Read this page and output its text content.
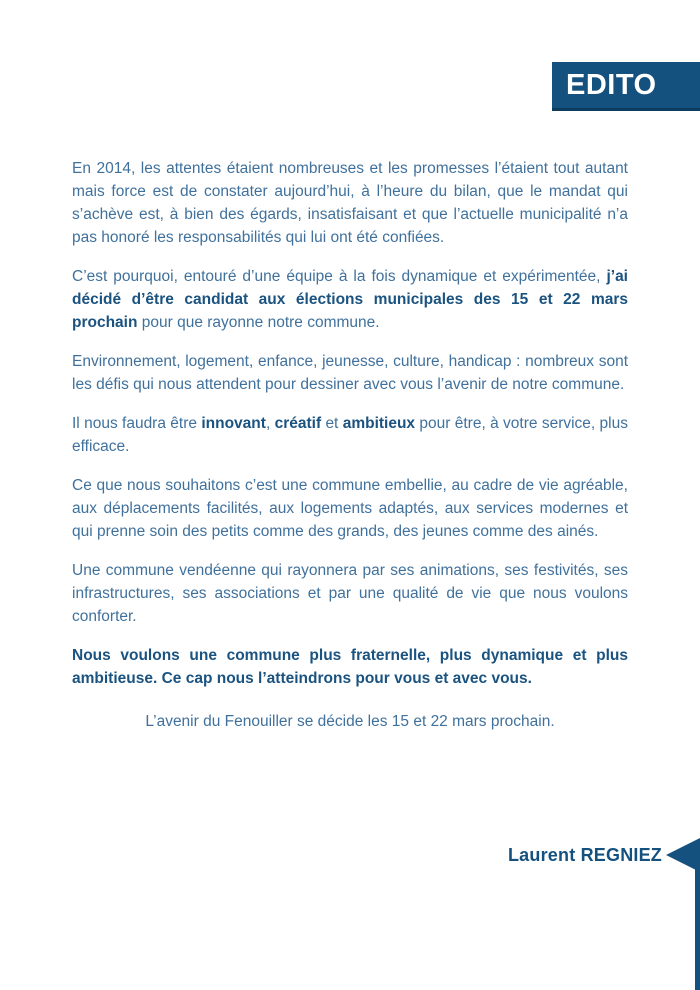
EDITO

En 2014, les attentes étaient nombreuses et les promesses l’étaient tout autant mais force est de constater aujourd’hui, à l’heure du bilan, que le mandat qui s’achève est, à bien des égards, insatisfaisant et que l’actuelle municipalité n’a pas honoré les responsabilités qui lui ont été confiées.

C’est pourquoi, entouré d’une équipe à la fois dynamique et expérimentée, j’ai décidé d’être candidat aux élections municipales des 15 et 22 mars prochain pour que rayonne notre commune.

Environnement, logement, enfance, jeunesse, culture, handicap : nombreux sont les défis qui nous attendent pour dessiner avec vous l’avenir de notre commune.

Il nous faudra être innovant, créatif et ambitieux pour être, à votre service, plus efficace.

Ce que nous souhaitons c’est une commune embellie, au cadre de vie agréable, aux déplacements facilités, aux logements adaptés, aux services modernes et qui prenne soin des petits comme des grands, des jeunes comme des ainés.

Une commune vendéenne qui rayonnera par ses animations, ses festivités, ses infrastructures, ses associations et par une qualité de vie que nous voulons conforter.

Nous voulons une commune plus fraternelle, plus dynamique et plus ambitieuse. Ce cap nous l’atteindrons pour vous et avec vous.

L’avenir du Fenouiller se décide les 15 et 22 mars prochain.

Laurent REGNIEZ
